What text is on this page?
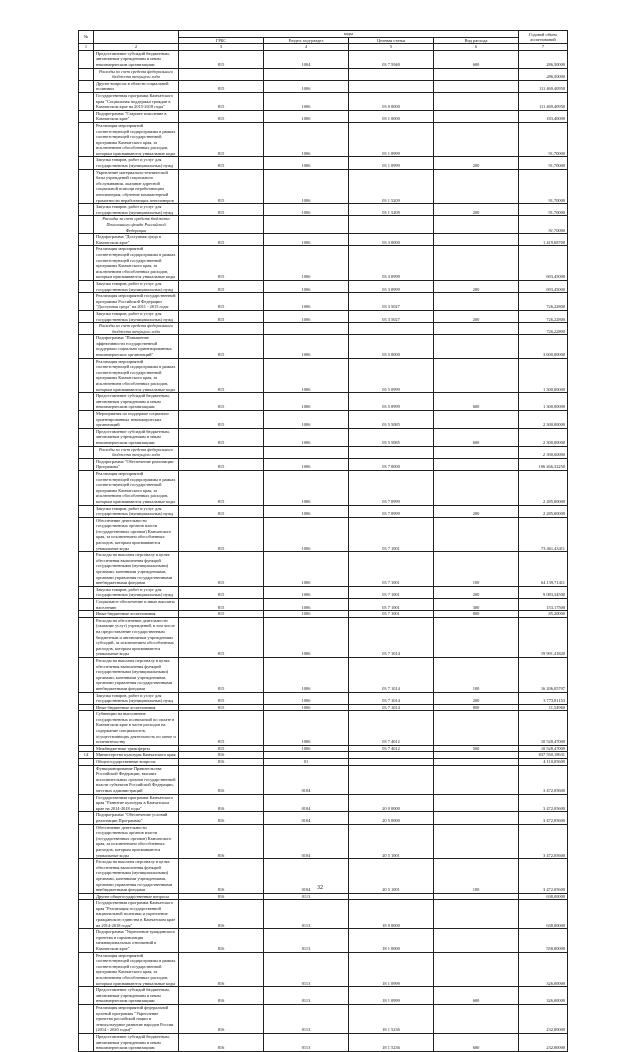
№		коды				Годовой объем ассигнований
		ГРБС	Раздел, под-раздел	Целевая статья	Вид расхода	
1	2	3	4	5	6	7
	Предоставление субсидий бюджетным, автономным учреждениям и иным некоммерческим организациям	815	1004	03 7 5940	600	286,50000
	Расходы за счет средств федерального бюджета текущего года					286,50000
	Другие вопросы в области социальной политики	815	1006			111 469,40950
	Государственная программа Камчатского края "Социальная поддержка граждан в Камчатском крае на 2015-2018 годы"	815	1006	03 0 0000		111 469,40950
	Подпрограмма "Старшее поколение в Камчатском крае"	815	1006	03 1 0000		183,40000
	Реализация мероприятий соответствующей подпрограммы в рамках соответствующей государственной программы Камчатского края, за исключением обособленных расходов, которым присваиваются уникальные коды	815	1006	03 1 0999		91,70000
	Закупка товаров, работ и услуг для государственных (муниципальных) нужд	815	1006	03 1 0999	200	91,70000
	Укрепление материально-технической базы учреждений социального обслуживания, оказание адресной социальной помощи неработающим пенсионерам, обучение компьютерной грамотности неработающих пенсионеров	815	1006	03 1 5209		91,70000
	Закупка товаров, работ и услуг для государственных (муниципальных) нужд	815	1006	03 1 5209	200	91,70000
	Расходы за счет средств бюджета Пенсионного фонда Российской Федерации					91,70000
	Подпрограмма "Доступная среда в Камчатском крае"	815	1006	03 3 0000		1 419,68700
	Реализация мероприятий соответствующей подпрограммы в рамках соответствующей государственной программы Камчатского края, за исключением обособленных расходов, которым присваиваются уникальные коды	815	1006	03 3 0999		693,45000
	Закупка товаров, работ и услуг для государственных (муниципальных) нужд	815	1006	03 3 0999	200	693,45000
	Реализация мероприятий государственной программы Российской Федерации "Доступная среда" на 2011 - 2015 годы	815	1006	03 3 5027		726,22800
	Закупка товаров, работ и услуг для государственных (муниципальных) нужд	815	1006	03 3 5027	200	726,22800
	Расходы за счет средств федерального бюджета текущего года					726,22800
	Подпрограмма "Повышение эффективности государственной поддержки социально ориентированных некоммерческих организаций"	815	1006	03 5 0000		3 600,00000
	Реализация мероприятий соответствующей подпрограммы в рамках соответствующей государственной программы Камчатского края, за исключением обособленных расходов, которым присваиваются уникальные коды	815	1006	03 5 0999		1 300,00000
	Предоставление субсидий бюджетным, автономным учреждениям и иным некоммерческим организациям	815	1006	03 5 0999	600	1 300,00000
	Мероприятия по поддержке социально ориентированных некоммерческих организаций	815	1006	03 5 5085		2 300,00000
	Предоставление субсидий бюджетным, автономным учреждениям и иным некоммерческим организациям	815	1006	03 5 5085	600	2 300,00000
	Расходы за счет средств федерального бюджета текущего года					2 300,00000
	Подпрограмма "Обеспечение реализации Программы"	815	1006	03 7 0000		106 266,32250
	Реализация мероприятий соответствующей подпрограммы в рамках соответствующей государственной программы Камчатского края, за исключением обособленных расходов, которым присваиваются уникальные коды	815	1006	03 7 0999		2 285,00000
	Закупка товаров, работ и услуг для государственных (муниципальных) нужд	815	1006	03 7 0999	200	2 285,00000
	Обеспечение деятельности государственных органов власти (государственных органов) Камчатского края, за исключением обособленных расходов, которым присваиваются уникальные коды	815	1006	03 7 1001		73 461,43411
	Расходы на выплаты персоналу в целях обеспечения выполнения функций государственными (муниципальными) органами, казенными учреждениями, органами управления государственными внебюджетными фондами	815	1006	03 7 1001	100	64 139,71411
	Закупка товаров, работ и услуг для государственных (муниципальных) нужд	815	1006	03 7 1001	200	9 083,34500
	Социальное обеспечение и иные выплаты населению	815	1006	03 7 1001	300	153,17500
	Иные бюджетные ассигнования	815	1006	03 7 1001	800	85,20000
	Расходы на обеспечение деятельности (оказание услуг) учреждений, в том числе на предоставление государственным бюджетным и автономным учреждениям субсидий, за исключением обособленных расходов, которым присваиваются уникальные коды	815	1006	03 7 1014		19 991,41820
	Расходы на выплаты персоналу в целях обеспечения выполнения функций государственными (муниципальными) органами, казенными учреждениями, органами управления государственными внебюджетными фондами	815	1006	03 7 1014	100	16 206,05707
	Закупка товаров, работ и услуг для государственных (муниципальных) нужд	815	1006	03 7 1014	200	3 773,81153
	Иные бюджетные ассигнования	815	1006	03 7 1014	800	11,54960
	Субвенции на выполнение государственных полномочий по оплате в Камчатском крае в части расходов на содержание специалистов, осуществляющих деятельность по опеке и попечительству	815	1006	03 7 4012		10 528,47000
	Межбюджетные трансферты	815	1006	03 7 4012	500	10 528,47000
14	Министерство культуры Камчатского края	816				837 550,18631
	Общегосударственные вопросы	816	01			4 110,05600
	Функционирование Правительства Российской Федерации, высших исполнительных органов государственной власти субъектов Российской Федерации, местных администраций	816	0104			3 472,05600
	Государственная программа Камчатского края "Развитие культуры в Камчатском крае на 2014-2018 годы"	816	0104	20 0 0000		3 472,05600
	Подпрограмма "Обеспечение условий реализации Программы"	816	0104	20 5 0000		3 472,05600
	Обеспечение деятельности государственных органов власти (государственных органов) Камчатского края, за исключением обособленных расходов, которым присваиваются уникальные коды	816	0104	20 5 1001		3 472,05600
	Расходы на выплаты персоналу в целях обеспечения выполнения функций государственными (муниципальными) органами, казенными учреждениями, органами управления государственными внебюджетными фондами	816	0104	20 5 1001	100	3 472,05600
	Другие общегосударственные вопросы	816	0113			638,00000
	Государственная программа Камчатского края "Реализация государственной национальной политики и укрепление гражданского единства в Камчатском крае на 2014-2018 годы"	816	0113	18 0 0000		638,00000
	Подпрограмма "Укрепление гражданского единства и гармонизация межнациональных отношений в Камчатском крае"	816	0113	18 1 0000		558,00000
	Реализация мероприятий соответствующей подпрограммы в рамках соответствующей государственной программы Камчатского края, за исключением обособленных расходов, которым присваиваются уникальные коды	816	0113	18 1 0999		326,00000
	Предоставление субсидий бюджетным, автономным учреждениям и иным некоммерческим организациям	816	0113	18 1 0999	600	326,00000
	Реализация мероприятий федеральной целевой программы "Укрепление единства российской нации и этнокультурное развитие народов России (2014 - 2020 годы)"	816	0113	18 1 5236		232,00000
	Предоставление субсидий бюджетным, автономным учреждениям и иным некоммерческим организациям	816	0113	18 1 5236	600	232,00000
32
